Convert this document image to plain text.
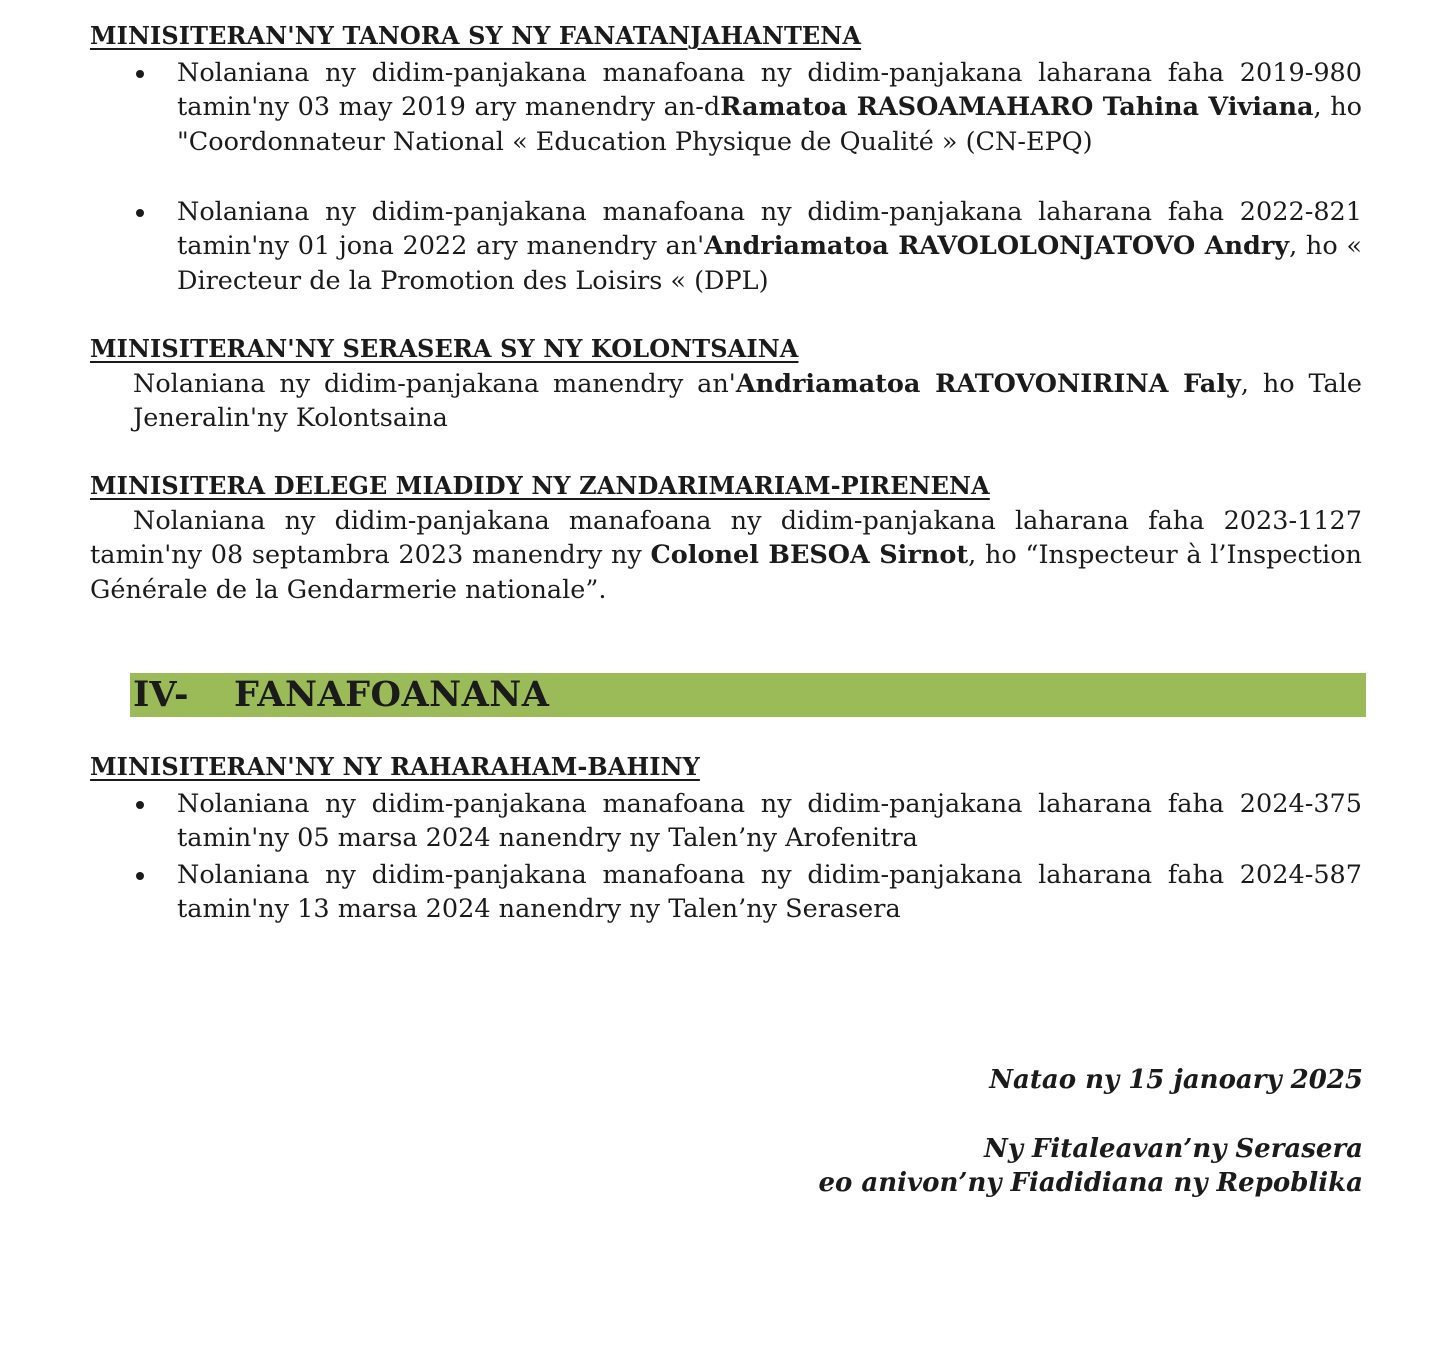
MINISITERAN'NY TANORA SY NY FANATANJAHANTENA
Nolaniana ny didim-panjakana manafoana ny didim-panjakana laharana faha 2019-980 tamin'ny 03 may 2019 ary manendry an-dRamatoa RASOAMAHARO Tahina Viviana, ho "Coordonnateur National « Education Physique de Qualité » (CN-EPQ)
Nolaniana ny didim-panjakana manafoana ny didim-panjakana laharana faha 2022-821 tamin'ny 01 jona 2022 ary manendry an'Andriamatoa RAVOLOLONJATOVO Andry, ho « Directeur de la Promotion des Loisirs « (DPL)
MINISITERAN'NY SERASERA SY NY KOLONTSAINA
Nolaniana ny didim-panjakana manendry an'Andriamatoa RATOVONIRINA Faly, ho Tale Jeneralin'ny Kolontsaina
MINISITERA DELEGE MIADIDY NY ZANDARIMARIAM-PIRENENA
Nolaniana ny didim-panjakana manafoana ny didim-panjakana laharana faha 2023-1127 tamin'ny 08 septambra 2023 manendry ny Colonel BESOA Sirnot, ho “Inspecteur à l’Inspection Générale de la Gendarmerie nationale”.
IV- FANAFOANANA
MINISITERAN'NY NY RAHARAHAM-BAHINY
Nolaniana ny didim-panjakana manafoana ny didim-panjakana laharana faha 2024-375 tamin'ny 05 marsa 2024 nanendry ny Talen’ny Arofenitra
Nolaniana ny didim-panjakana manafoana ny didim-panjakana laharana faha 2024-587 tamin'ny 13 marsa 2024 nanendry ny Talen’ny Serasera
Natao ny 15 janoary 2025
Ny Fitaleavan’ny Serasera
eo anivon’ny Fiadidiana ny Repoblika
